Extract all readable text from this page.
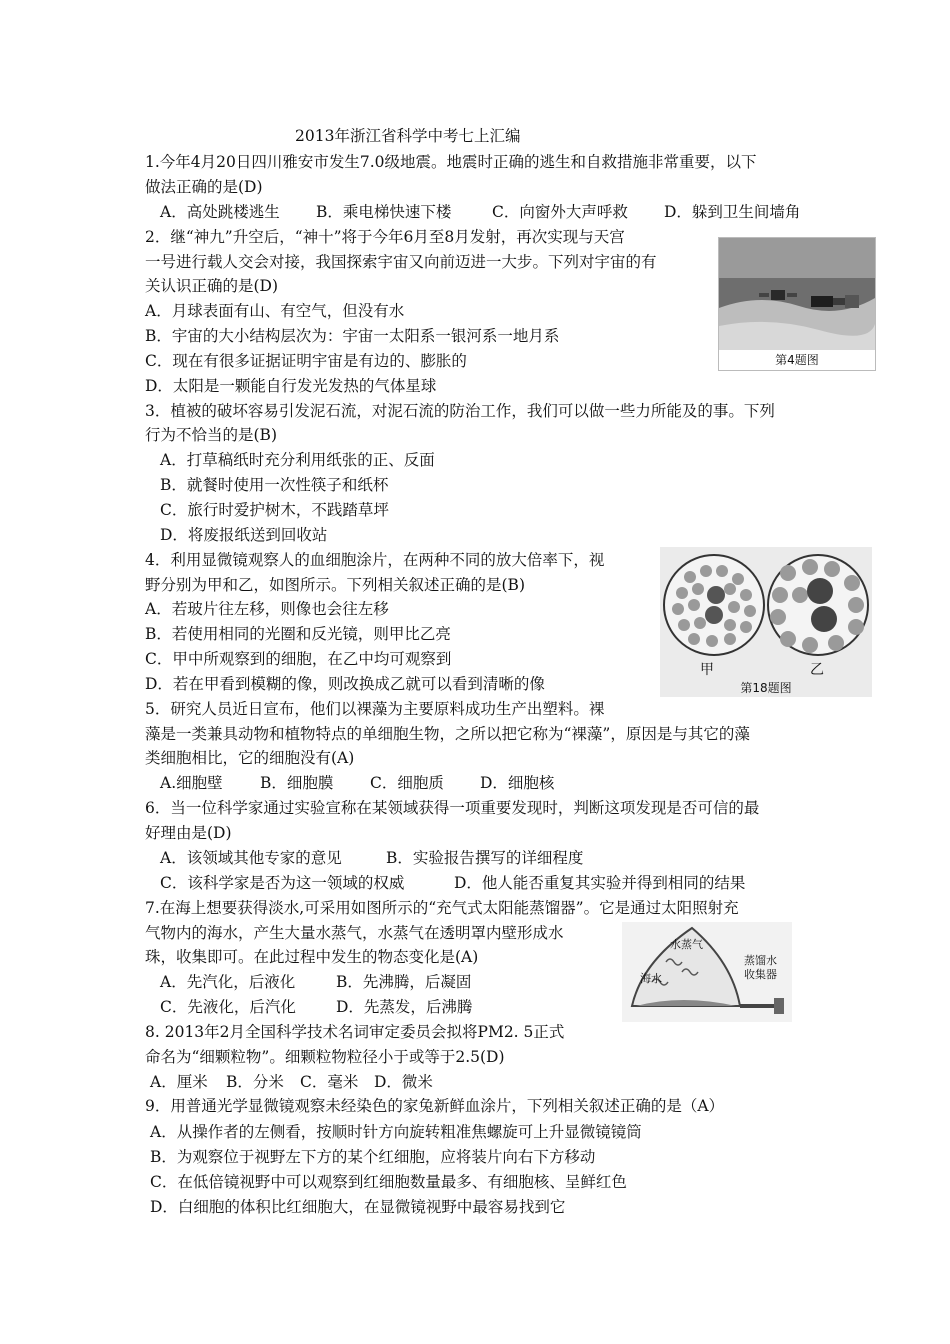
2013年浙江省科学中考七上汇编
1.今年4月20日四川雅安市发生7.0级地震。地震时正确的逃生和自救措施非常重要，以下
做法正确的是(D)
A．高处跳楼逃生 B．乘电梯快速下楼	C．向窗外大声呼救 D．躲到卫生间墙角
2．继“神九”升空后，“神十”将于今年6月至8月发射，再次实现与天宫
一号进行载人交会对接，我国探索宇宙又向前迈进一大步。下列对宇宙的有
关认识正确的是(D)
A．月球表面有山、有空气，但没有水
B．宇宙的大小结构层次为：宇宙一太阳系一银河系一地月系
C．现在有很多证据证明宇宙是有边的、膨胀的
D．太阳是一颗能自行发光发热的气体星球
第4题图
3．植被的破坏容易引发泥石流，对泥石流的防治工作，我们可以做一些力所能及的事。下列
行为不恰当的是(B)
A．打草稿纸时充分利用纸张的正、反面
B．就餐时使用一次性筷子和纸杯
C．旅行时爱护树木，不践踏草坪
D．将废报纸送到回收站
4．利用显微镜观察人的血细胞涂片，在两种不同的放大倍率下，视
野分别为甲和乙，如图所示。下列相关叙述正确的是(B)
A．若玻片往左移，则像也会往左移
B．若使用相同的光圈和反光镜，则甲比乙亮
C．甲中所观察到的细胞，在乙中均可观察到
D．若在甲看到模糊的像，则改换成乙就可以看到清晰的像
甲	乙
第18题图
5．研究人员近日宣布，他们以裸藻为主要原料成功生产出塑料。裸
藻是一类兼具动物和植物特点的单细胞生物，之所以把它称为“裸藻”，原因是与其它的藻
类细胞相比，它的细胞没有(A)
A.细胞壁 B．细胞膜 C．细胞质 D．细胞核
6．当一位科学家通过实验宣称在某领域获得一项重要发现时，判断这项发现是否可信的最
好理由是(D)
A．该领域其他专家的意见	B．实验报告撰写的详细程度
C．该科学家是否为这一领域的权威	D．他人能否重复其实验并得到相同的结果
7.在海上想要获得淡水,可采用如图所示的“充气式太阳能蒸馏器”。它是通过太阳照射充
气物内的海水，产生大量水蒸气，水蒸气在透明罩内壁形成水
珠，收集即可。在此过程中发生的物态变化是(A)
A．先汽化，后液化	B．先沸腾，后凝固
C．先液化，后汽化	D．先蒸发，后沸腾
水蒸气
蒸馏水
收集器
海水
8. 2013年2月全国科学技术名词审定委员会拟将PM2. 5正式
命名为“细颗粒物”。细颗粒物粒径小于或等于2.5(D)
A．厘米 B．分米 C．毫米 D．微米
9．用普通光学显微镜观察未经染色的家兔新鲜血涂片，下列相关叙述正确的是（A）
A．从操作者的左侧看，按顺时针方向旋转粗准焦螺旋可上升显微镜镜筒
B．为观察位于视野左下方的某个红细胞，应将装片向右下方移动
C．在低倍镜视野中可以观察到红细胞数量最多、有细胞核、呈鲜红色
D．白细胞的体积比红细胞大，在显微镜视野中最容易找到它
